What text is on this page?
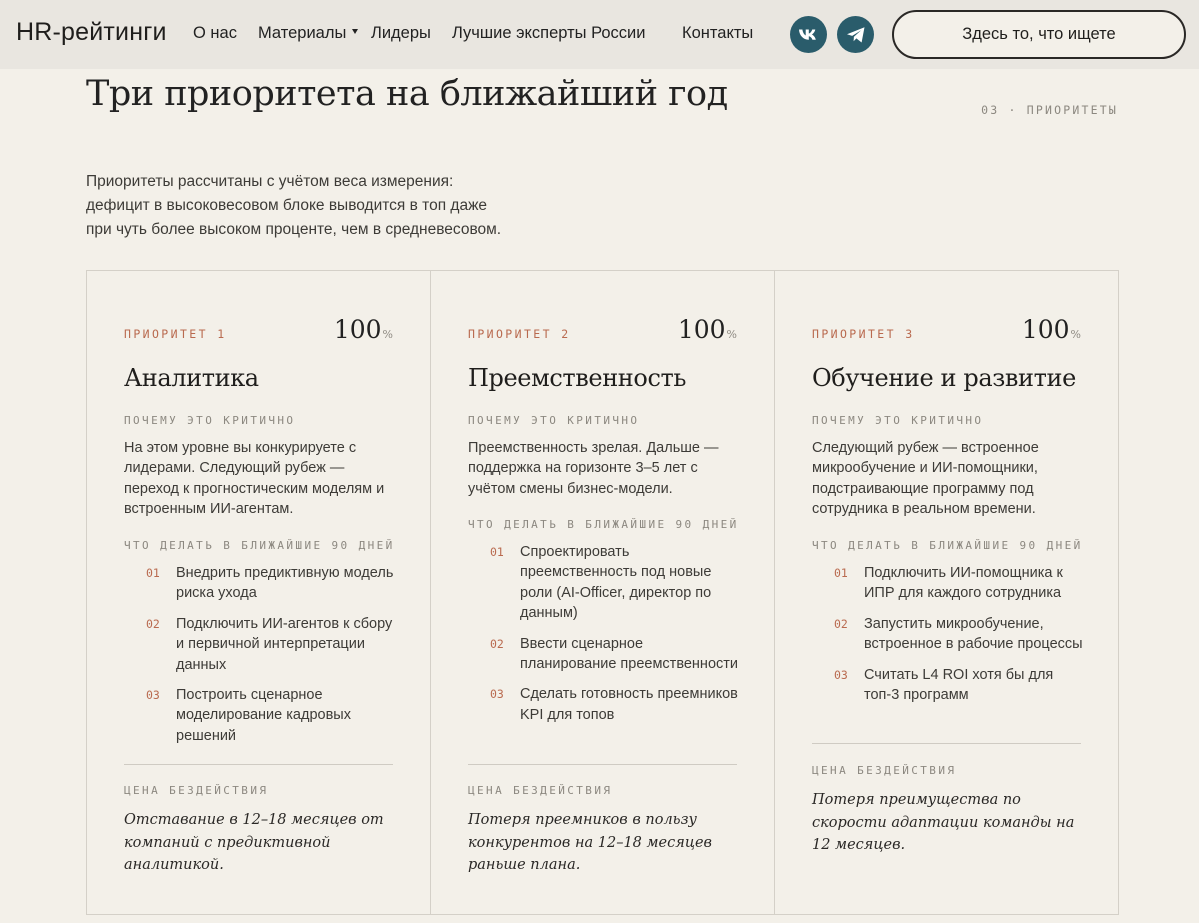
HR-рейтинги О нас Материалы	Лидеры Лучшие эксперты России Контакты	Здесь то, что ищете
Три приоритета на ближайший год	03 · ПРИОРИТЕТЫ

Приоритеты рассчитаны с учётом веса измерения: дефицит в высоковесовом блоке выводится в топ даже при чуть более высоком проценте, чем в средневесовом.

ПРИОРИТЕТ 1	100%
Аналитика
ПОЧЕМУ ЭТО КРИТИЧНО

На этом уровне вы конкурируете с лидерами. Следующий рубеж — переход к прогностическим моделям и встроенным ИИ-агентам.

ЧТО ДЕЛАТЬ В БЛИЖАЙШИЕ 90 ДНЕЙ
01	Внедрить предиктивную модель риска ухода
02	Подключить ИИ-агентов к сбору и первичной интерпретации данных
03	Построить сценарное моделирование кадровых решений
ЦЕНА БЕЗДЕЙСТВИЯ

Отставание в 12–18 месяцев от компаний с предиктивной аналитикой.

ПРИОРИТЕТ 2	100%
Преемственность
ПОЧЕМУ ЭТО КРИТИЧНО

Преемственность зрелая. Дальше — поддержка на горизонте 3–5 лет с учётом смены бизнес-модели.

ЧТО ДЕЛАТЬ В БЛИЖАЙШИЕ 90 ДНЕЙ
01	Спроектировать преемственность под новые роли (AI-Officer, директор по данным)
02	Ввести сценарное планирование преемственности
03	Сделать готовность преемников KPI для топов
ЦЕНА БЕЗДЕЙСТВИЯ

Потеря преемников в пользу конкурентов на 12–18 месяцев раньше плана.

ПРИОРИТЕТ 3	100%
Обучение и развитие
ПОЧЕМУ ЭТО КРИТИЧНО

Следующий рубеж — встроенное микрообучение и ИИ-помощники, подстраивающие программу под сотрудника в реальном времени.

ЧТО ДЕЛАТЬ В БЛИЖАЙШИЕ 90 ДНЕЙ
01	Подключить ИИ-помощника к ИПР для каждого сотрудника
02	Запустить микрообучение, встроенное в рабочие процессы
03	Считать L4 ROI хотя бы для топ-3 программ
ЦЕНА БЕЗДЕЙСТВИЯ

Потеря преимущества по скорости адаптации команды на 12 месяцев.
